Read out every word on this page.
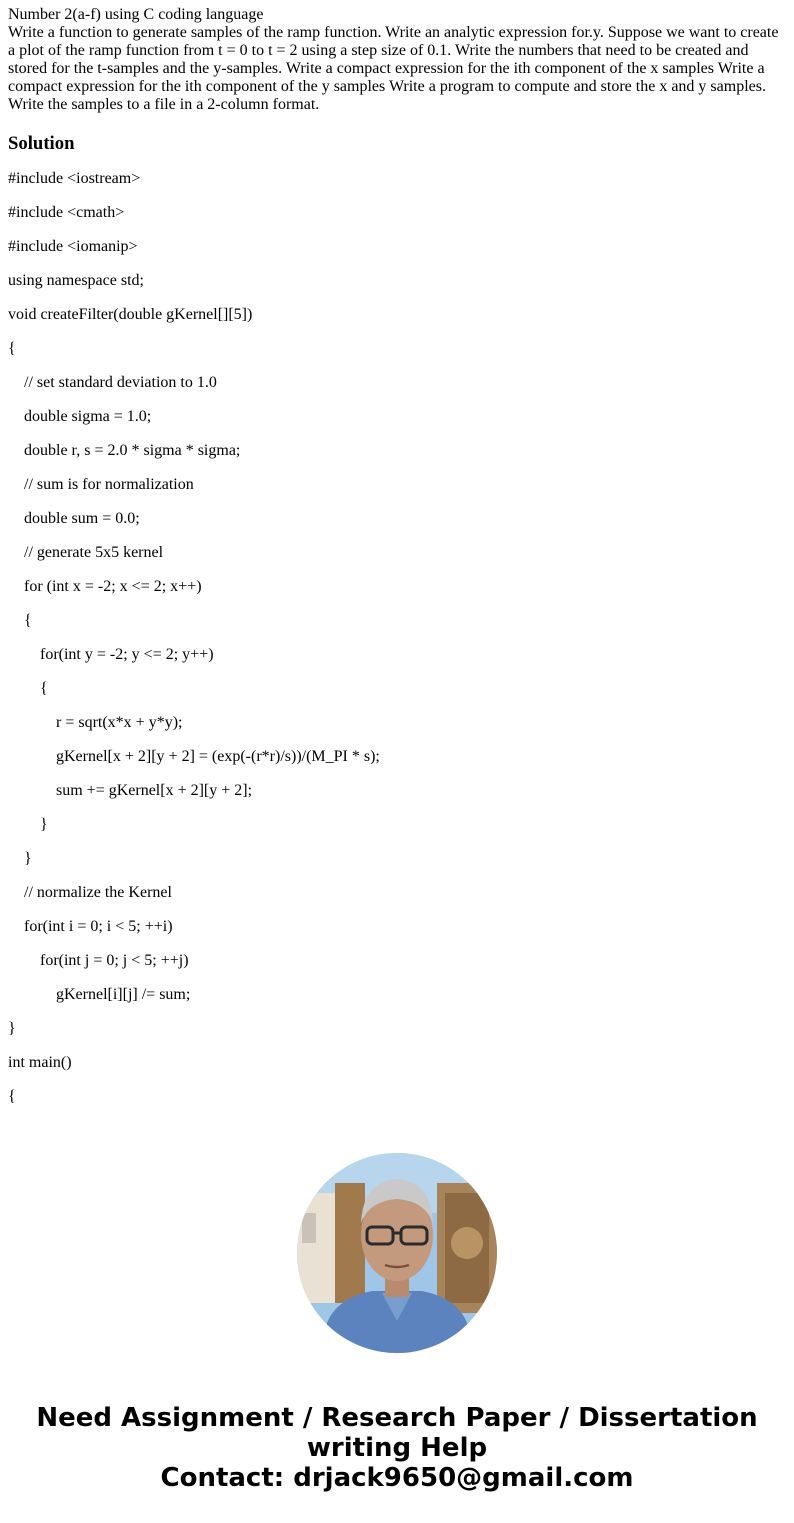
Number 2(a-f) using C coding language

Write a function to generate samples of the ramp function. Write an analytic expression for.y. Suppose we want to create a plot of the ramp function from t = 0 to t = 2 using a step size of 0.1. Write the numbers that need to be created and stored for the t-samples and the y-samples. Write a compact expression for the ith component of the x samples Write a compact expression for the ith component of the y samples Write a program to compute and store the x and y samples. Write the samples to a file in a 2-column format.

Solution
#include <iostream>
#include <cmath>
#include <iomanip>
using namespace std;
void createFilter(double gKernel[][5])
{
// set standard deviation to 1.0
double sigma = 1.0;
double r, s = 2.0 * sigma * sigma;
// sum is for normalization
double sum = 0.0;
// generate 5x5 kernel
for (int x = -2; x <= 2; x++)
{
for(int y = -2; y <= 2; y++)
{
r = sqrt(x*x + y*y);
gKernel[x + 2][y + 2] = (exp(-(r*r)/s))/(M_PI * s);
sum += gKernel[x + 2][y + 2];
}
}
// normalize the Kernel
for(int i = 0; i < 5; ++i)
for(int j = 0; j < 5; ++j)
gKernel[i][j] /= sum;
}
int main()
{
Need Assignment / Research Paper / Dissertation
writing Help
Contact: drjack9650@gmail.com
